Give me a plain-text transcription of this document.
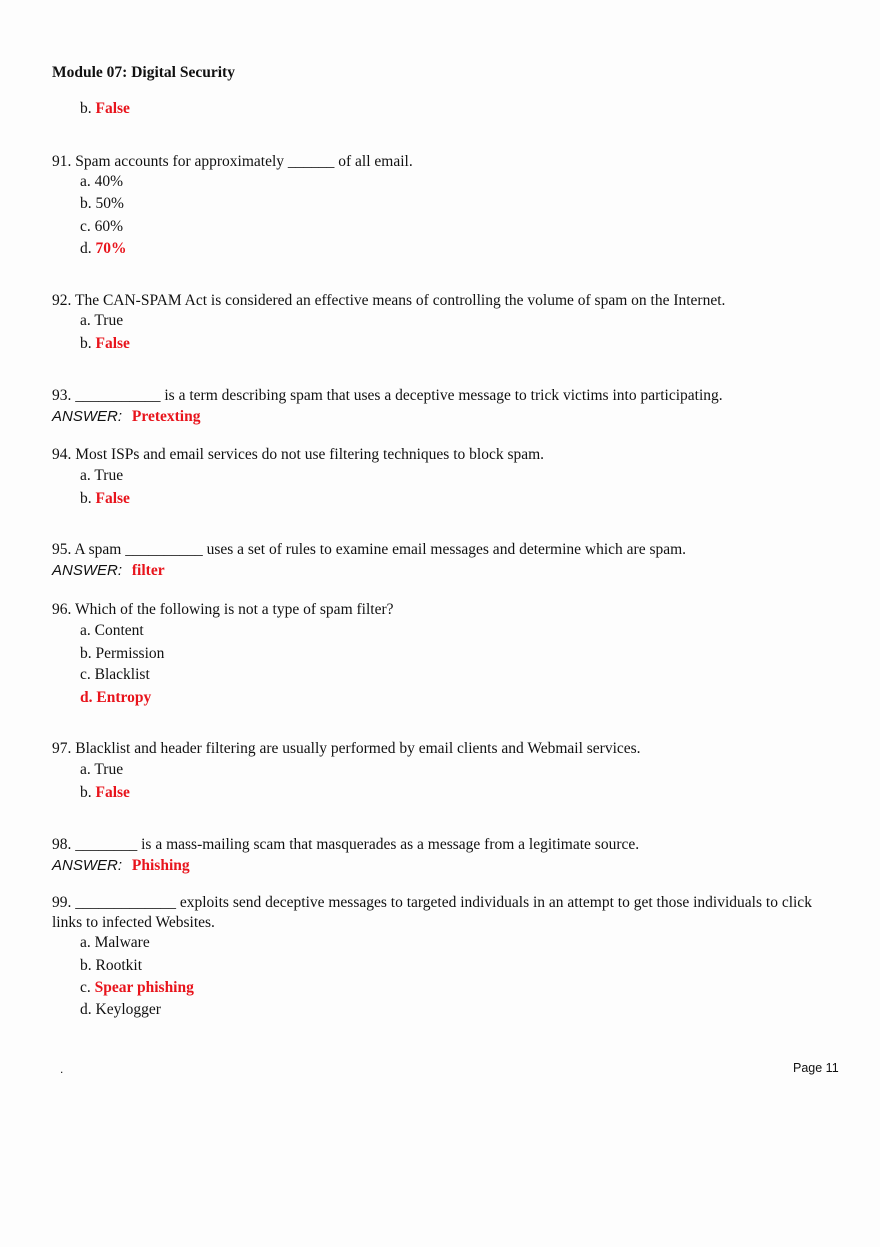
Module 07: Digital Security
b. False
91. Spam accounts for approximately ______ of all email.
a. 40%
b. 50%
c. 60%
d. 70%
92. The CAN-SPAM Act is considered an effective means of controlling the volume of spam on the Internet.
a. True
b. False
93. ___________ is a term describing spam that uses a deceptive message to trick victims into participating.
ANSWER: Pretexting
94. Most ISPs and email services do not use filtering techniques to block spam.
a. True
b. False
95. A spam __________ uses a set of rules to examine email messages and determine which are spam.
ANSWER: filter
96. Which of the following is not a type of spam filter?
a. Content
b. Permission
c. Blacklist
d. Entropy
97. Blacklist and header filtering are usually performed by email clients and Webmail services.
a. True
b. False
98. ________ is a mass-mailing scam that masquerades as a message from a legitimate source.
ANSWER: Phishing
99. _____________ exploits send deceptive messages to targeted individuals in an attempt to get those individuals to click links to infected Websites.
a. Malware
b. Rootkit
c. Spear phishing
d. Keylogger
.	Page 11
